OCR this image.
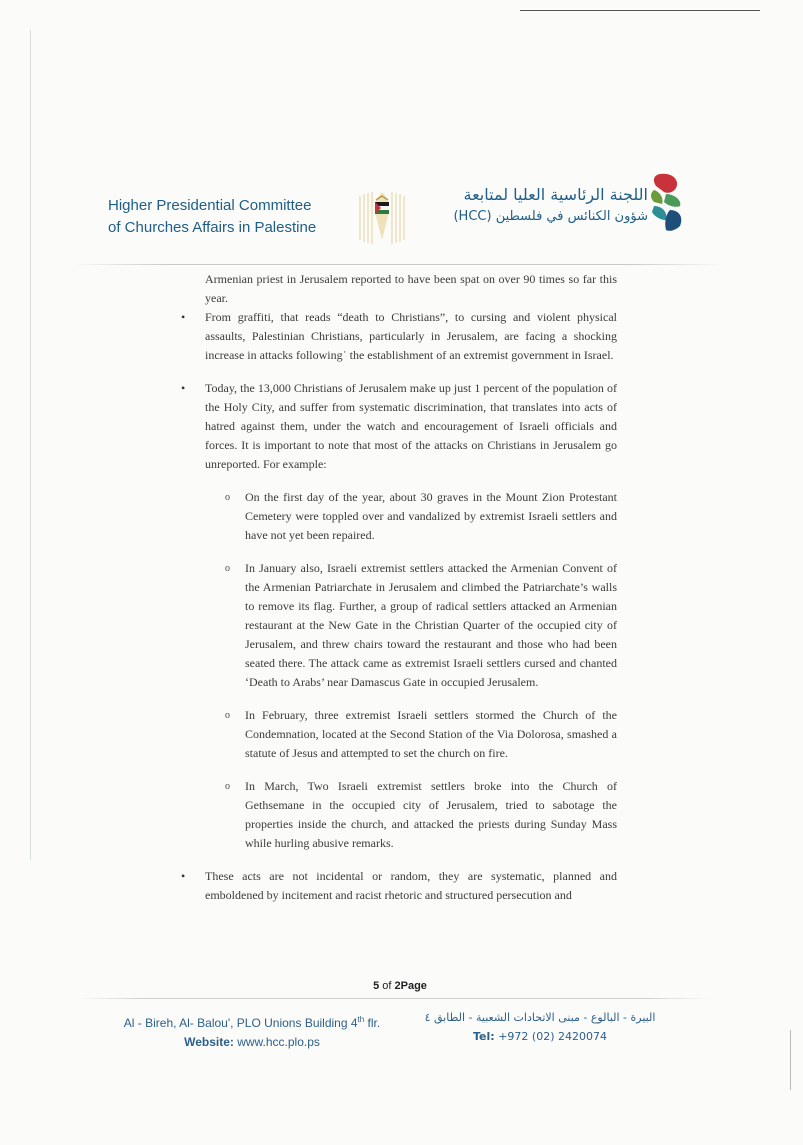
Higher Presidential Committee
of Churches Affairs in Palestine
اللجنة الرئاسية العليا لمتابعة
شؤون الكنائس في فلسطين (HCC)

Armenian priest in Jerusalem reported to have been spat on over 90 times so far this year.

• From graffiti, that reads “death to Christians”, to cursing and violent physical assaults, Palestinian Christians, particularly in Jerusalem, are facing a shocking increase in attacks following˙ the establishment of an extremist government in Israel.

• Today, the 13,000 Christians of Jerusalem make up just 1 percent of the population of the Holy City, and suffer from systematic discrimination, that translates into acts of hatred against them, under the watch and encouragement of Israeli officials and forces. It is important to note that most of the attacks on Christians in Jerusalem go unreported. For example:

o On the first day of the year, about 30 graves in the Mount Zion Protestant Cemetery were toppled over and vandalized by extremist Israeli settlers and have not yet been repaired.

o In January also, Israeli extremist settlers attacked the Armenian Convent of the Armenian Patriarchate in Jerusalem and climbed the Patriarchate’s walls to remove its flag. Further, a group of radical settlers attacked an Armenian restaurant at the New Gate in the Christian Quarter of the occupied city of Jerusalem, and threw chairs toward the restaurant and those who had been seated there. The attack came as extremist Israeli settlers cursed and chanted ‘Death to Arabs’ near Damascus Gate in occupied Jerusalem.

o In February, three extremist Israeli settlers stormed the Church of the Condemnation, located at the Second Station of the Via Dolorosa, smashed a statute of Jesus and attempted to set the church on fire.

o In March, Two Israeli extremist settlers broke into the Church of Gethsemane in the occupied city of Jerusalem, tried to sabotage the properties inside the church, and attacked the priests during Sunday Mass while hurling abusive remarks.

• These acts are not incidental or random, they are systematic, planned and emboldened by incitement and racist rhetoric and structured persecution and

5 of 2Page
Al - Bireh, Al- Balou', PLO Unions Building 4th flr.
Website: www.hcc.plo.ps
البيرة - البالوع - مبنى الاتحادات الشعبية - الطابق ٤
Tel: +972 (02) 2420074
